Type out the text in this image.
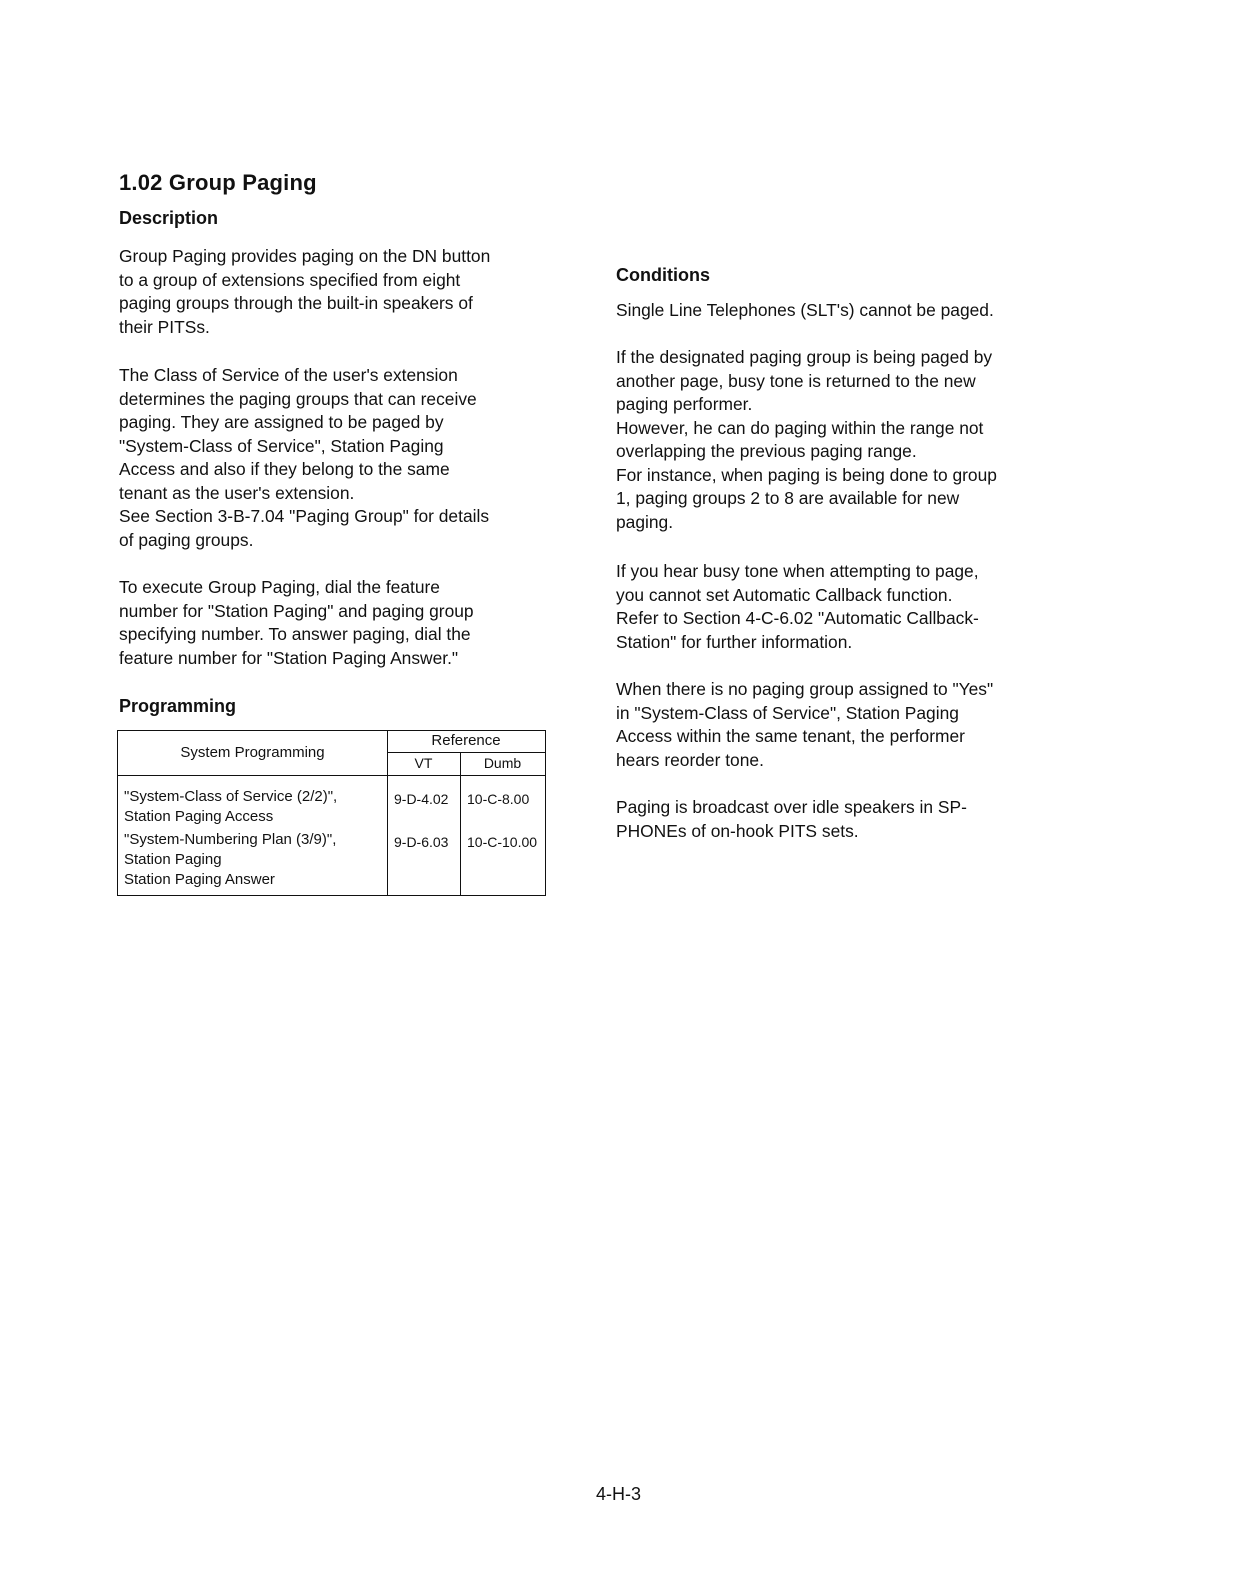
1.02 Group Paging
Description

Group Paging provides paging on the DN button
to a group of extensions specified from eight
paging groups through the built-in speakers of
their PITSs.

The Class of Service of the user's extension
determines the paging groups that can receive
paging. They are assigned to be paged by
"System-Class of Service", Station Paging
Access and also if they belong to the same
tenant as the user's extension.
See Section 3-B-7.04 "Paging Group" for details
of paging groups.

To execute Group Paging, dial the feature
number for "Station Paging" and paging group
specifying number. To answer paging, dial the
feature number for "Station Paging Answer."

Programming
System Programming
Reference
VT	Dumb
"System-Class of Service (2/2)",
Station Paging Access
9-D-4.02	10-C-8.00
"System-Numbering Plan (3/9)",
Station Paging
Station Paging Answer
9-D-6.03	10-C-10.00
Conditions

Single Line Telephones (SLT's) cannot be paged.

If the designated paging group is being paged by
another page, busy tone is returned to the new
paging performer.
However, he can do paging within the range not
overlapping the previous paging range.
For instance, when paging is being done to group
1, paging groups 2 to 8 are available for new
paging.

If you hear busy tone when attempting to page,
you cannot set Automatic Callback function.
Refer to Section 4-C-6.02 "Automatic Callback-
Station" for further information.

When there is no paging group assigned to "Yes"
in "System-Class of Service", Station Paging
Access within the same tenant, the performer
hears reorder tone.

Paging is broadcast over idle speakers in SP-
PHONEs of on-hook PITS sets.

4-H-3
